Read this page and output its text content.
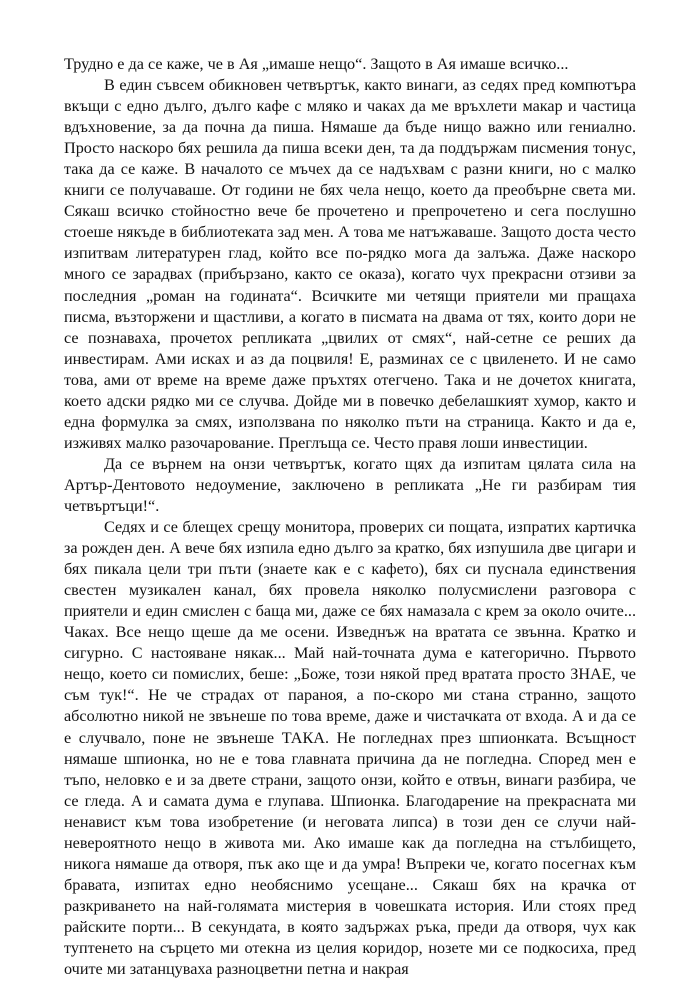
Трудно е да се каже, че в Ая „имаше нещо“. Защото в Ая имаше всичко...

В един съвсем обикновен четвъртък, както винаги, аз седях пред компютъра вкъщи с едно дълго, дълго кафе с мляко и чаках да ме връхлети макар и частица вдъхновение, за да почна да пиша. Нямаше да бъде нищо важно или гениално. Просто наскоро бях решила да пиша всеки ден, та да поддържам писмения тонус, така да се каже. В началото се мъчех да се надъхвам с разни книги, но с малко книги се получаваше. От години не бях чела нещо, което да преобърне света ми. Сякаш всичко стойностно вече бе прочетено и препрочетено и сега послушно стоеше някъде в библиотеката зад мен. А това ме натъжаваше. Защото доста често изпитвам литературен глад, който все по-рядко мога да залъжа. Даже наскоро много се зарадвах (прибързано, както се оказа), когато чух прекрасни отзиви за последния „роман на годината“. Всичките ми четящи приятели ми пращаха писма, възторжени и щастливи, а когато в писмата на двама от тях, които дори не се познаваха, прочетох репликата „цвилих от смях“, най-сетне се реших да инвестирам. Ами исках и аз да поцвиля! Е, разминах се с цвиленето. И не само това, ами от време на време даже пръхтях отегчено. Така и не дочетох книгата, което адски рядко ми се случва. Дойде ми в повечко дебелашкият хумор, както и една формулка за смях, използвана по няколко пъти на страница. Както и да е, изживях малко разочарование. Преглъща се. Често правя лоши инвестиции.

Да се върнем на онзи четвъртък, когато щях да изпитам цялата сила на Артър-Дентовото недоумение, заключено в репликата „Не ги разбирам тия четвъртъци!“.

Седях и се блещех срещу монитора, проверих си пощата, изпратих картичка за рожден ден. А вече бях изпила едно дълго за кратко, бях изпушила две цигари и бях пикала цели три пъти (знаете как е с кафето), бях си пуснала единствения свестен музикален канал, бях провела няколко полусмислени разговора с приятели и един смислен с баща ми, даже се бях намазала с крем за около очите... Чаках. Все нещо щеше да ме осени. Изведнъж на вратата се звънна. Кратко и сигурно. С настояване някак... Май най-точната дума е категорично. Първото нещо, което си помислих, беше: „Боже, този някой пред вратата просто ЗНАЕ, че съм тук!“. Не че страдах от параноя, а по-скоро ми стана странно, защото абсолютно никой не звънеше по това време, даже и чистачката от входа. А и да се е случвало, поне не звънеше ТАКА. Не погледнах през шпионката. Всъщност нямаше шпионка, но не е това главната причина да не погледна. Според мен е тъпо, неловко е и за двете страни, защото онзи, който е отвън, винаги разбира, че се гледа. А и самата дума е глупава. Шпионка. Благодарение на прекрасната ми ненавист към това изобретение (и неговата липса) в този ден се случи най-невероятното нещо в живота ми. Ако имаше как да погледна на стълбището, никога нямаше да отворя, пък ако ще и да умра! Въпреки че, когато посегнах към бравата, изпитах едно необяснимо усещане... Сякаш бях на крачка от разкриването на най-голямата мистерия в човешката история. Или стоях пред райските порти... В секундата, в която задържах ръка, преди да отворя, чух как туптенето на сърцето ми отекна из целия коридор, нозете ми се подкосиха, пред очите ми затанцуваха разноцветни петна и накрая
